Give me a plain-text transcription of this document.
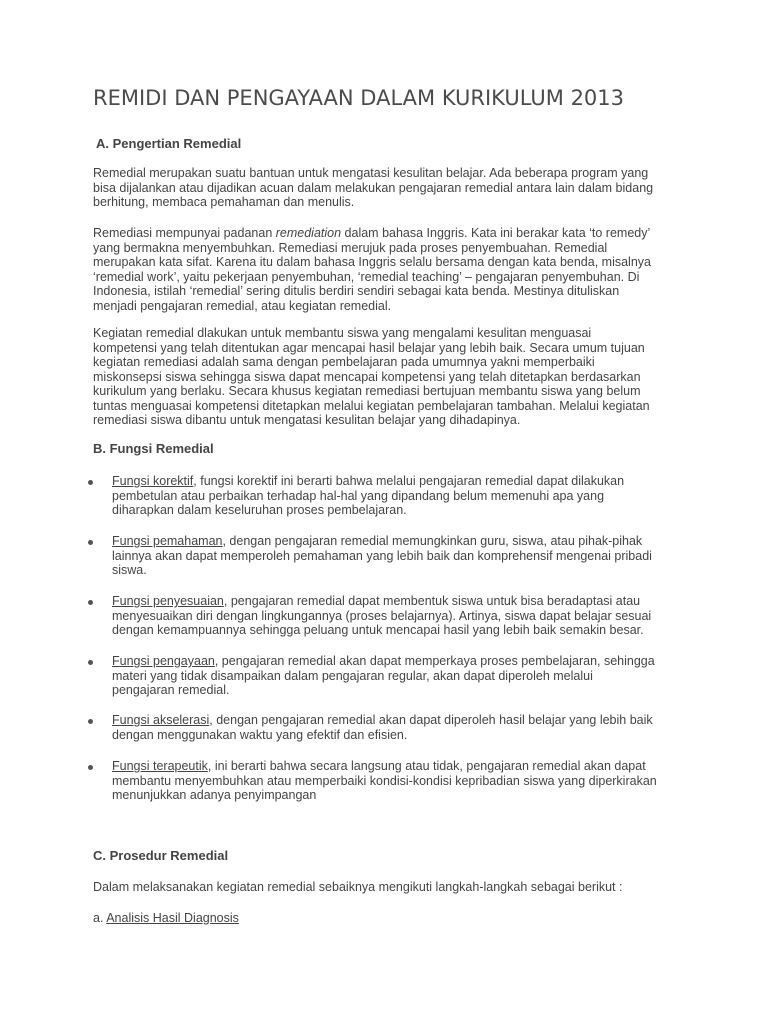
REMIDI DAN PENGAYAAN DALAM KURIKULUM 2013
A. Pengertian Remedial

Remedial merupakan suatu bantuan untuk mengatasi kesulitan belajar. Ada beberapa program yang
bisa dijalankan atau dijadikan acuan dalam melakukan pengajaran remedial antara lain dalam bidang
berhitung, membaca pemahaman dan menulis.

Remediasi mempunyai padanan remediation dalam bahasa Inggris. Kata ini berakar kata ‘to remedy’
yang bermakna menyembuhkan. Remediasi merujuk pada proses penyembuahan. Remedial
merupakan kata sifat. Karena itu dalam bahasa Inggris selalu bersama dengan kata benda, misalnya
‘remedial work’, yaitu pekerjaan penyembuhan, ‘remedial teaching’ – pengajaran penyembuhan. Di
Indonesia, istilah ‘remedial’ sering ditulis berdiri sendiri sebagai kata benda. Mestinya dituliskan
menjadi pengajaran remedial, atau kegiatan remedial.

Kegiatan remedial dlakukan untuk membantu siswa yang mengalami kesulitan menguasai
kompetensi yang telah ditentukan agar mencapai hasil belajar yang lebih baik. Secara umum tujuan
kegiatan remediasi adalah sama dengan pembelajaran pada umumnya yakni memperbaiki
miskonsepsi siswa sehingga siswa dapat mencapai kompetensi yang telah ditetapkan berdasarkan
kurikulum yang berlaku. Secara khusus kegiatan remediasi bertujuan membantu siswa yang belum
tuntas menguasai kompetensi ditetapkan melalui kegiatan pembelajaran tambahan. Melalui kegiatan
remediasi siswa dibantu untuk mengatasi kesulitan belajar yang dihadapinya.

B. Fungsi Remedial
Fungsi korektif, fungsi korektif ini berarti bahwa melalui pengajaran remedial dapat dilakukan
pembetulan atau perbaikan terhadap hal-hal yang dipandang belum memenuhi apa yang
diharapkan dalam keseluruhan proses pembelajaran.
Fungsi pemahaman, dengan pengajaran remedial memungkinkan guru, siswa, atau pihak-pihak
lainnya akan dapat memperoleh pemahaman yang lebih baik dan komprehensif mengenai pribadi
siswa.
Fungsi penyesuaian, pengajaran remedial dapat membentuk siswa untuk bisa beradaptasi atau
menyesuaikan diri dengan lingkungannya (proses belajarnya). Artinya, siswa dapat belajar sesuai
dengan kemampuannya sehingga peluang untuk mencapai hasil yang lebih baik semakin besar.
Fungsi pengayaan, pengajaran remedial akan dapat memperkaya proses pembelajaran, sehingga
materi yang tidak disampaikan dalam pengajaran regular, akan dapat diperoleh melalui
pengajaran remedial.
Fungsi akselerasi, dengan pengajaran remedial akan dapat diperoleh hasil belajar yang lebih baik
dengan menggunakan waktu yang efektif dan efisien.
Fungsi terapeutik, ini berarti bahwa secara langsung atau tidak, pengajaran remedial akan dapat
membantu menyembuhkan atau memperbaiki kondisi-kondisi kepribadian siswa yang diperkirakan
menunjukkan adanya penyimpangan
C. Prosedur Remedial

Dalam melaksanakan kegiatan remedial sebaiknya mengikuti langkah-langkah sebagai berikut :

a. Analisis Hasil Diagnosis
